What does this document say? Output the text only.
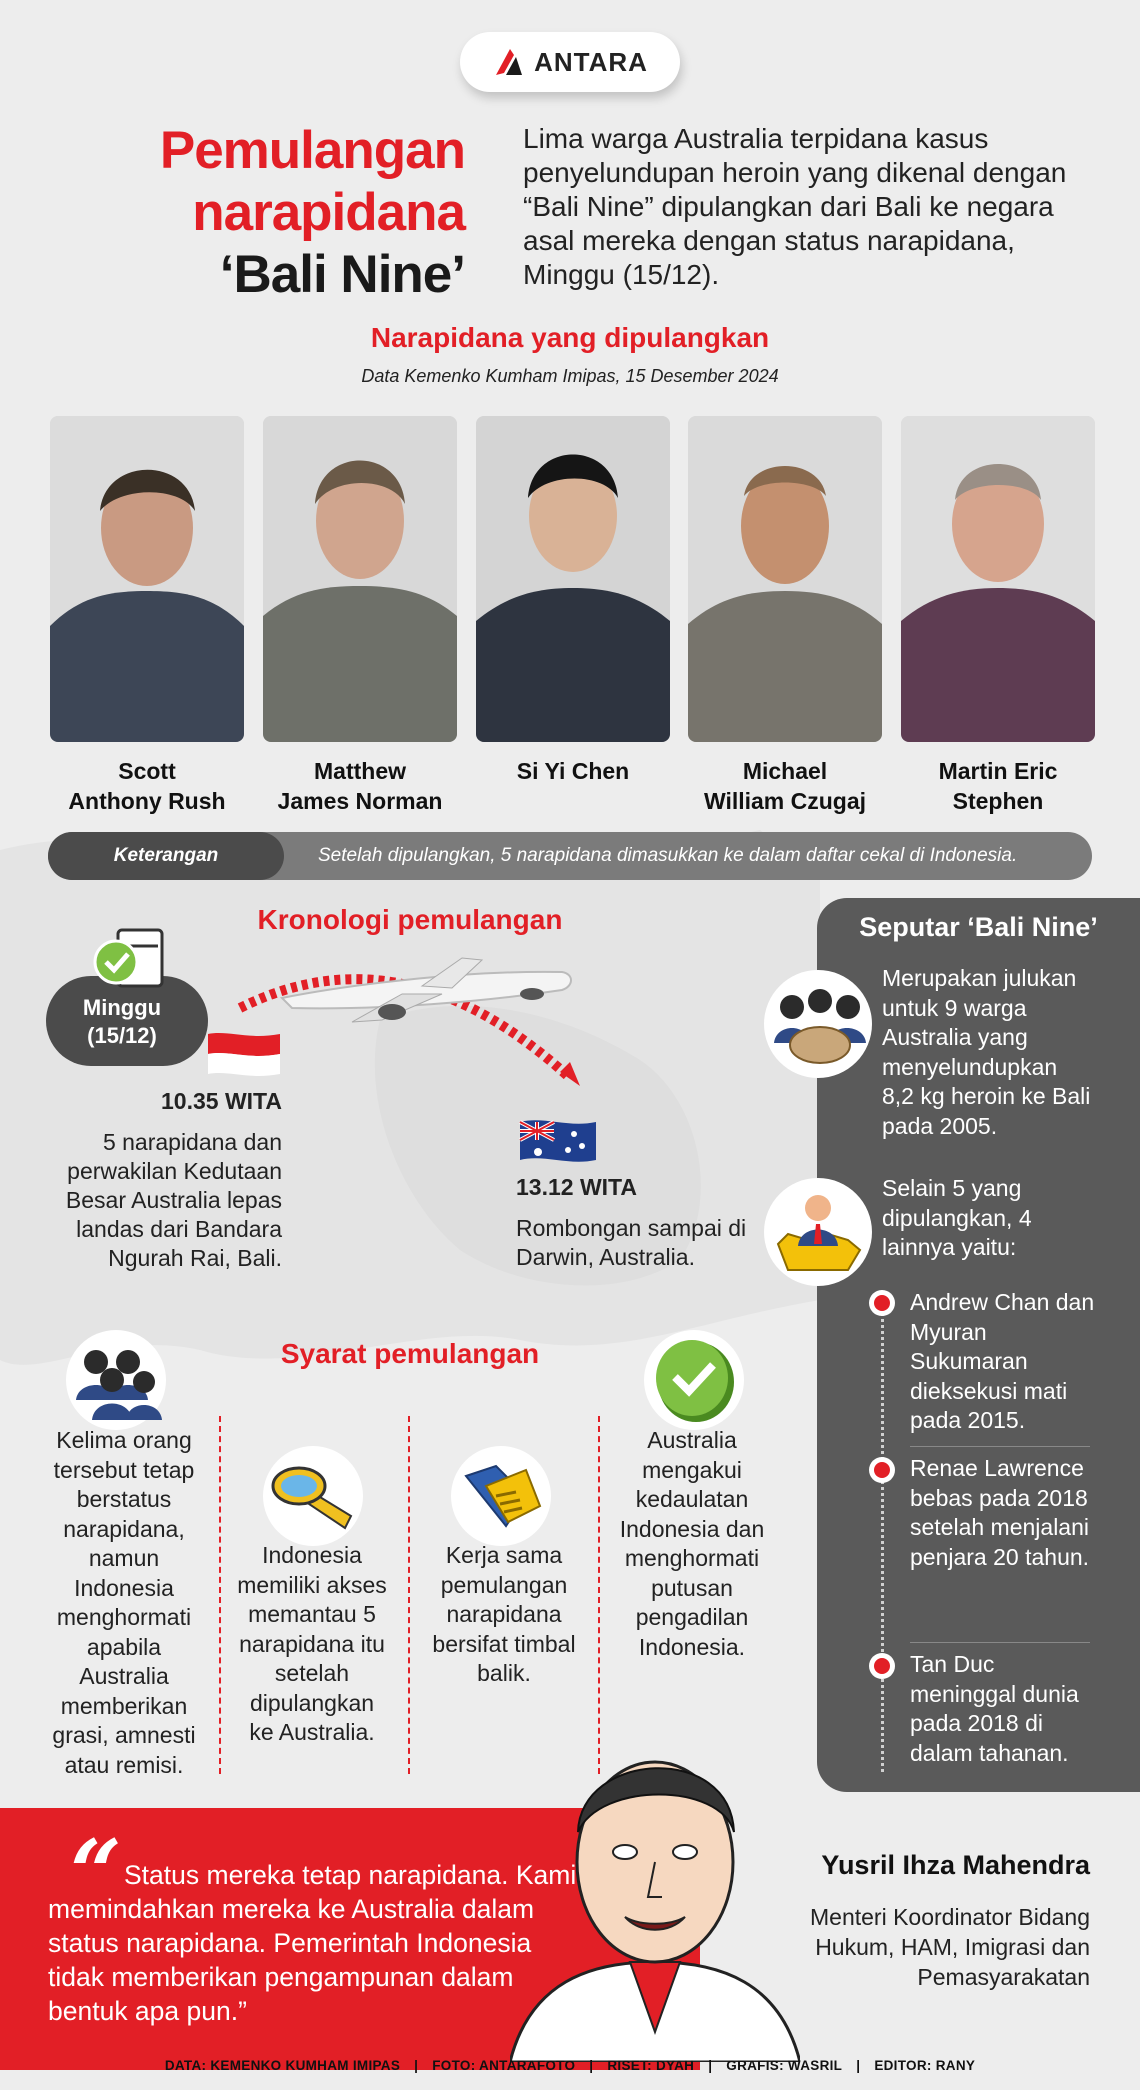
ANTARA
Pemulangan
narapidana
‘Bali Nine’
Lima warga Australia terpidana kasus penyelundupan heroin yang dikenal dengan “Bali Nine” dipulangkan dari Bali ke negara asal mereka dengan status narapidana, Minggu (15/12).
Narapidana yang dipulangkan
Data Kemenko Kumham Imipas, 15 Desember 2024
Scott
Anthony Rush
Matthew
James Norman
Si Yi Chen	Michael
William Czugaj
Martin Eric
Stephen
Keterangan	Setelah dipulangkan, 5 narapidana dimasukkan ke dalam daftar cekal di Indonesia.
Kronologi pemulangan
Minggu
(15/12)
10.35 WITA
5 narapidana dan perwakilan Kedutaan Besar Australia lepas landas dari Bandara Ngurah Rai, Bali.
13.12 WITA
Rombongan sampai di Darwin, Australia.
Syarat pemulangan
Kelima orang tersebut tetap berstatus narapidana, namun Indonesia menghormati apabila Australia memberikan grasi, amnesti atau remisi.
Indonesia memiliki akses memantau 5 narapidana itu setelah dipulangkan ke Australia.
Kerja sama pemulangan narapidana bersifat timbal balik.
Australia mengakui kedaulatan Indonesia dan menghormati putusan pengadilan Indonesia.
Seputar ‘Bali Nine’
Merupakan julukan untuk 9 warga Australia yang menyelundupkan 8,2 kg heroin ke Bali pada 2005.
Selain 5 yang dipulangkan, 4 lainnya yaitu:
Andrew Chan dan Myuran Sukumaran dieksekusi mati pada 2015.
Renae Lawrence bebas pada 2018 setelah menjalani penjara 20 tahun.
Tan Duc meninggal dunia pada 2018 di dalam tahanan.
“ Status mereka tetap narapidana. Kami memindahkan mereka ke Australia dalam status narapidana. Pemerintah Indonesia tidak memberikan pengampunan dalam bentuk apa pun.”
Yusril Ihza Mahendra
Menteri Koordinator Bidang Hukum, HAM, Imigrasi dan Pemasyarakatan
DATA: KEMENKO KUMHAM IMIPAS | FOTO: ANTARAFOTO | RISET: DYAH | GRAFIS: WASRIL | EDITOR: RANY
